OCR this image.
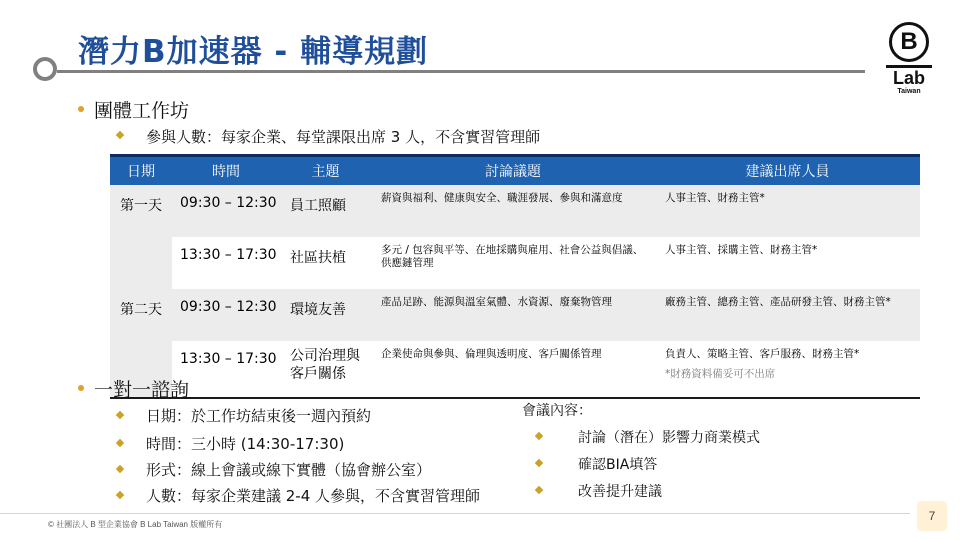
潛力B加速器 - 輔導規劃	B
Lab
Taiwan
團體工作坊
參與人數：每家企業、每堂課限出席 3 人，不含實習管理師
日期	時間	主題	討論議題	建議出席人員

第一天	09:30 – 12:30	員工照顧	薪資與福利、健康與安全、職涯發展、參與和滿意度	人事主管、財務主管*
	13:30 – 17:30	社區扶植	多元 / 包容與平等、在地採購與雇用、社會公益與倡議、供應鏈管理	人事主管、採購主管、財務主管*

第二天	09:30 – 12:30	環境友善	產品足跡、能源與溫室氣體、水資源、廢棄物管理	廠務主管、總務主管、產品研發主管、財務主管*
	13:30 – 17:30	公司治理與客戶關係	企業使命與參與、倫理與透明度、客戶關係管理	負責人、策略主管、客戶服務、財務主管*
*財務資料備妥可不出席
一對一諮詢
日期：於工作坊結束後一週內預約
時間：三小時 (14:30-17:30)
形式：線上會議或線下實體（協會辦公室）
人數：每家企業建議 2-4 人參與，不含實習管理師
會議內容：
討論（潛在）影響力商業模式
確認BIA填答
改善提升建議
© 社團法人 B 型企業協會 B Lab Taiwan 版權所有
7
